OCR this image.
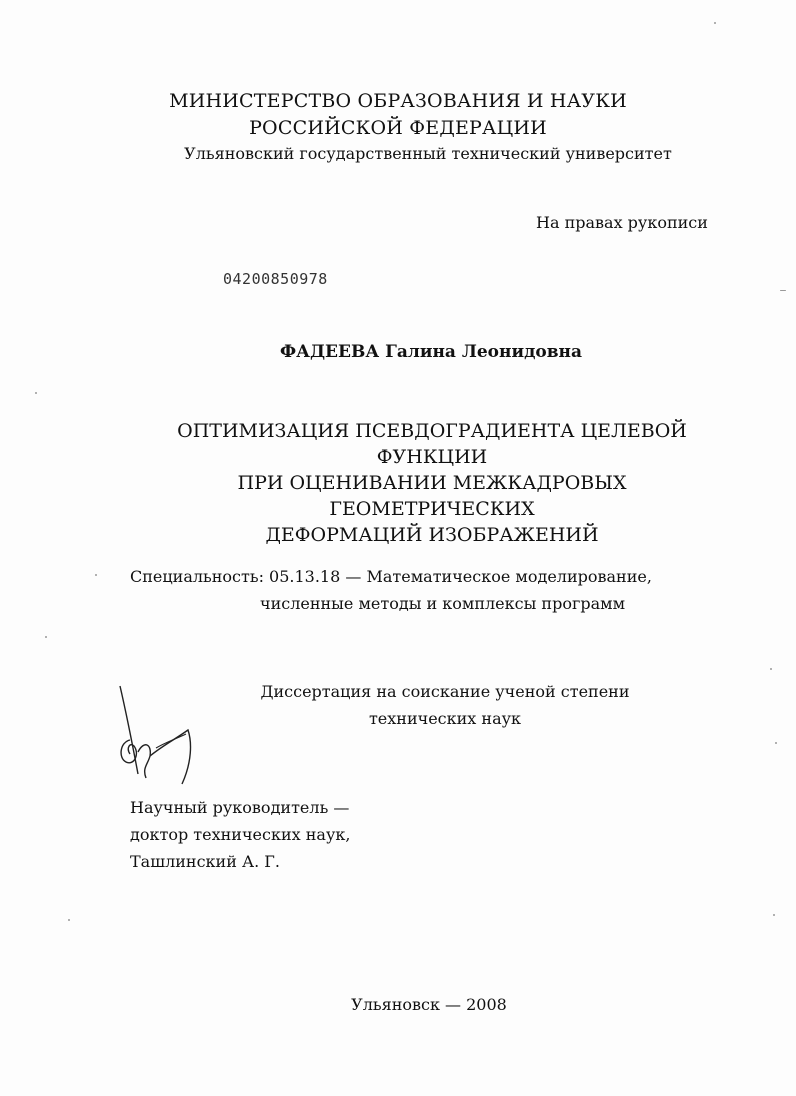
МИНИСТЕРСТВО ОБРАЗОВАНИЯ И НАУКИ
РОССИЙСКОЙ ФЕДЕРАЦИИ
Ульяновский государственный технический университет
На правах рукописи
04200850978
ФАДЕЕВА Галина Леонидовна
ОПТИМИЗАЦИЯ ПСЕВДОГРАДИЕНТА ЦЕЛЕВОЙ ФУНКЦИИ
ПРИ ОЦЕНИВАНИИ МЕЖКАДРОВЫХ ГЕОМЕТРИЧЕСКИХ
ДЕФОРМАЦИЙ ИЗОБРАЖЕНИЙ
Специальность: 05.13.18 — Математическое моделирование,
численные методы и комплексы программ
Диссертация на соискание ученой степени
технических наук
Научный руководитель —
доктор технических наук,
Ташлинский А. Г.
Ульяновск — 2008
